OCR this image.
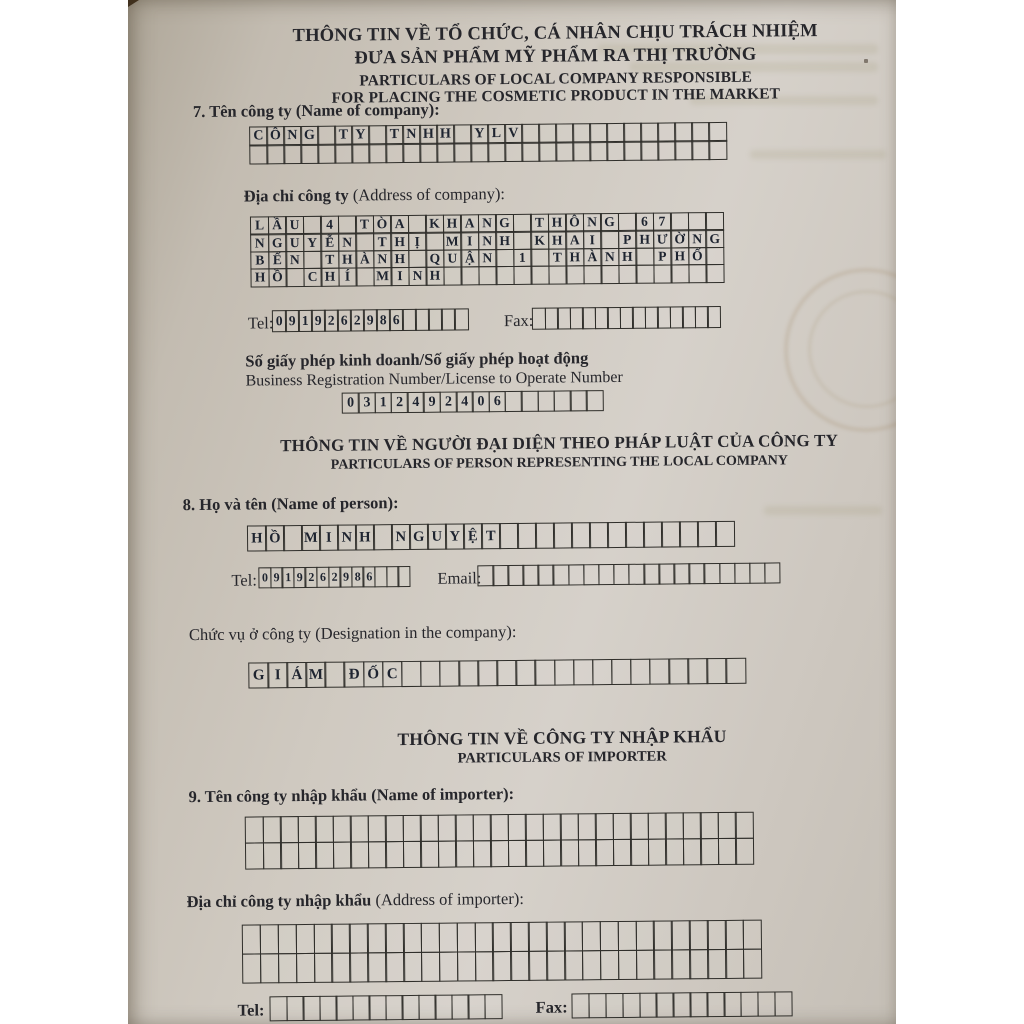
THÔNG TIN VỀ TỔ CHỨC, CÁ NHÂN CHỊU TRÁCH NHIỆM
ĐƯA SẢN PHẨM MỸ PHẨM RA THỊ TRƯỜNG
PARTICULARS OF LOCAL COMPANY RESPONSIBLE
FOR PLACING THE COSMETIC PRODUCT IN THE MARKET
7. Tên công ty (Name of company):
C Ô N G	T Y	T N H H	Y L V
Địa chỉ công ty (Address of company):
L Ầ U	4	T Ò A	K H A N G	T H Ô N G	6 7
N G U Y Ễ N	T H Ị	M I N H	K H A I	P H Ư Ờ N G
B Ế N	T H À N H	Q U Ậ N	1	T H À N H	P H Ố
H Ồ	C H Í	M I N H
Tel: 0 9 1 9 2 6 2 9 8 6	Fax:
Số giấy phép kinh doanh/Số giấy phép hoạt động
Business Registration Number/License to Operate Number
0 3 1 2 4 9 2 4 0 6
THÔNG TIN VỀ NGƯỜI ĐẠI DIỆN THEO PHÁP LUẬT CỦA CÔNG TY
PARTICULARS OF PERSON REPRESENTING THE LOCAL COMPANY
8. Họ và tên (Name of person):
H Ồ M I N H	N G U Y Ệ T
Tel: 0 9 1 9 2 6 2 9 8 6	Email:
Chức vụ ở công ty (Designation in the company):
G I Á M	Đ Ố C
THÔNG TIN VỀ CÔNG TY NHẬP KHẨU
PARTICULARS OF IMPORTER
9. Tên công ty nhập khẩu (Name of importer):
Địa chỉ công ty nhập khẩu (Address of importer):
Tel:	Fax:
